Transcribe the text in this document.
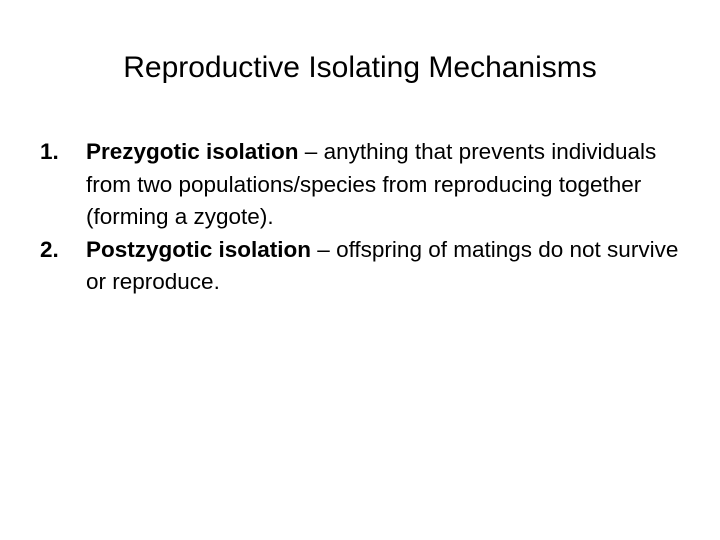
Reproductive Isolating Mechanisms
1. Prezygotic isolation – anything that prevents individuals from two populations/species from reproducing together (forming a zygote).
2. Postzygotic isolation – offspring of matings do not survive or reproduce.
